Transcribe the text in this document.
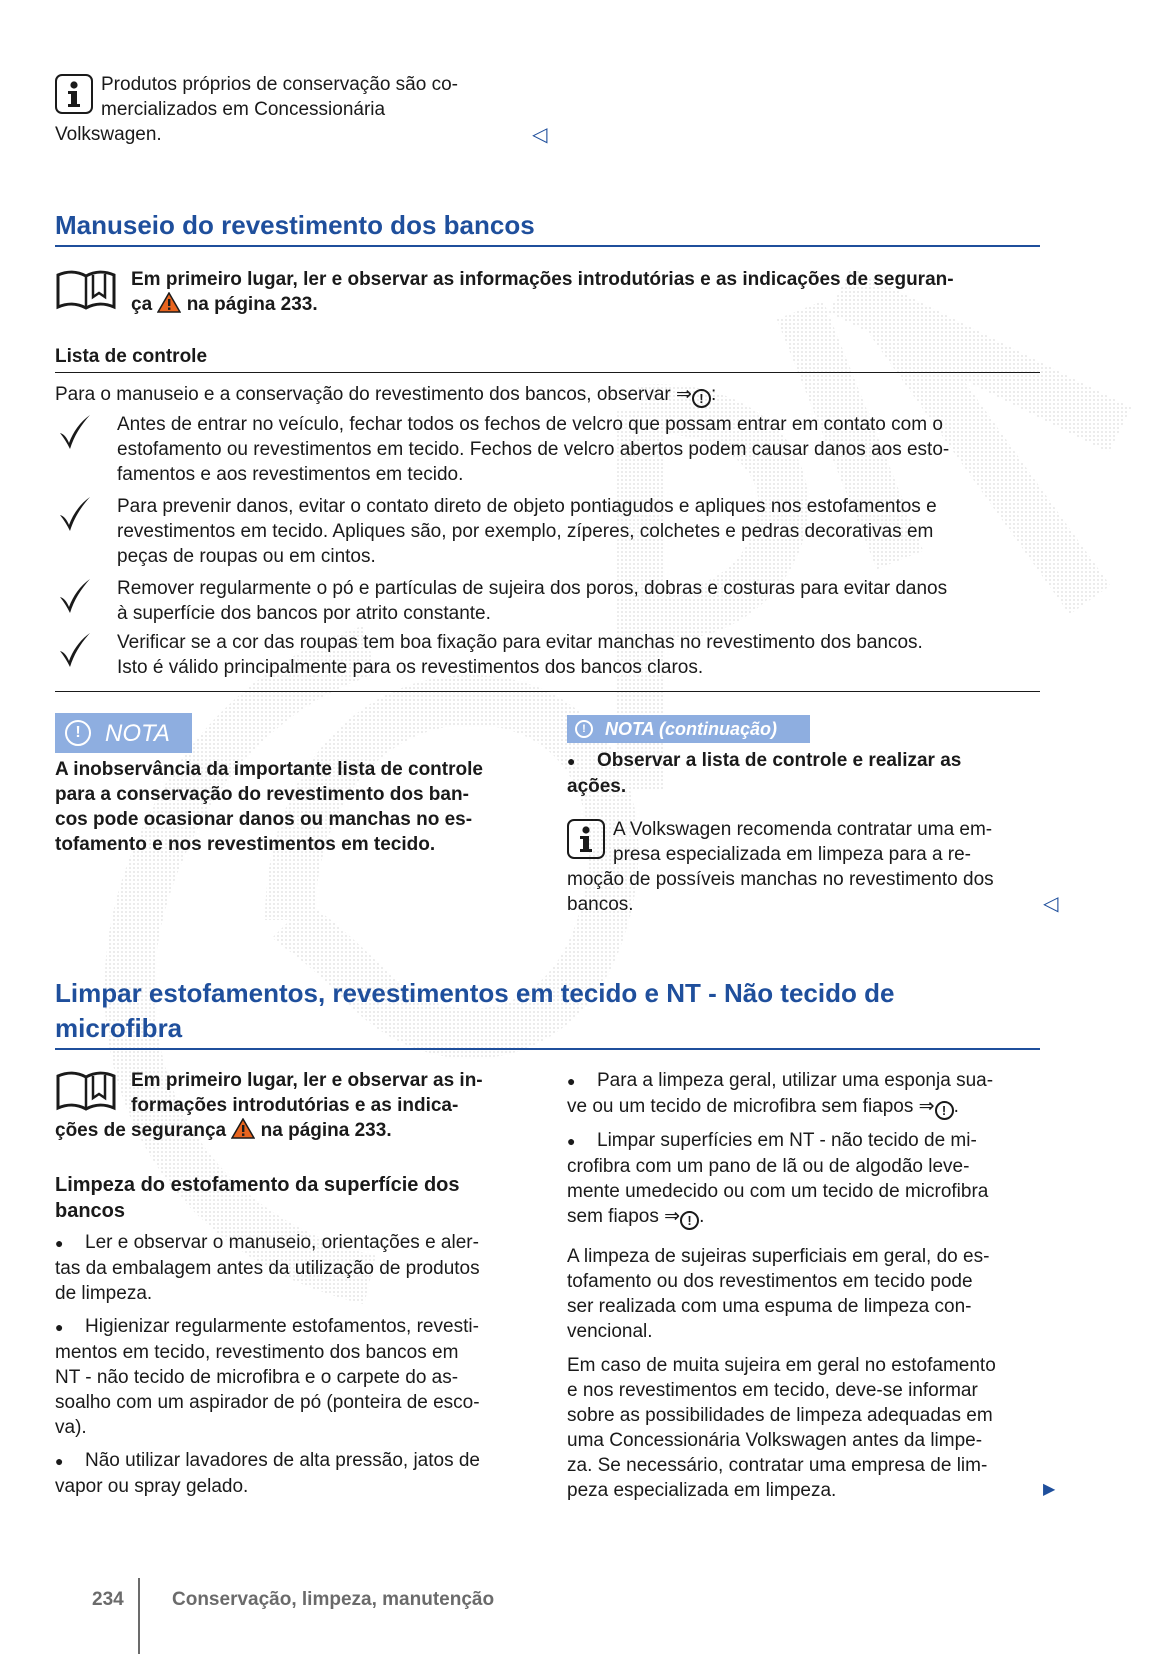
Produtos próprios de conservação são co-
mercializados em Concessionária
Volkswagen.	◁
Manuseio do revestimento dos bancos
Em primeiro lugar, ler e observar as informações introdutórias e as indicações de seguran-
ça na página 233.
Lista de controle
Para o manuseio e a conservação do revestimento dos bancos, observar ⇒ ! :
Antes de entrar no veículo, fechar todos os fechos de velcro que possam entrar em contato com o
estofamento ou revestimentos em tecido. Fechos de velcro abertos podem causar danos aos esto-
famentos e aos revestimentos em tecido.
Para prevenir danos, evitar o contato direto de objeto pontiagudos e apliques nos estofamentos e
revestimentos em tecido. Apliques são, por exemplo, zíperes, colchetes e pedras decorativas em
peças de roupas ou em cintos.
Remover regularmente o pó e partículas de sujeira dos poros, dobras e costuras para evitar danos
à superfície dos bancos por atrito constante.
Verificar se a cor das roupas tem boa fixação para evitar manchas no revestimento dos bancos.
Isto é válido principalmente para os revestimentos dos bancos claros.
!	NOTA
A inobservância da importante lista de controle
para a conservação do revestimento dos ban-
cos pode ocasionar danos ou manchas no es-
tofamento e nos revestimentos em tecido.
!	NOTA (continuação)
● Observar a lista de controle e realizar as
ações.
A Volkswagen recomenda contratar uma em-
presa especializada em limpeza para a re-
moção de possíveis manchas no revestimento dos
bancos.	◁
Limpar estofamentos, revestimentos em tecido e NT - Não tecido de
microfibra
Em primeiro lugar, ler e observar as in-
formações introdutórias e as indica-
ções de segurança na página 233.
Limpeza do estofamento da superfície dos
bancos
● Ler e observar o manuseio, orientações e aler-
tas da embalagem antes da utilização de produtos
de limpeza.
● Higienizar regularmente estofamentos, revesti-
mentos em tecido, revestimento dos bancos em
NT - não tecido de microfibra e o carpete do as-
soalho com um aspirador de pó (ponteira de esco-
va).
● Não utilizar lavadores de alta pressão, jatos de
vapor ou spray gelado.
● Para a limpeza geral, utilizar uma esponja sua-
ve ou um tecido de microfibra sem fiapos ⇒ ! .
● Limpar superfícies em NT - não tecido de mi-
crofibra com um pano de lã ou de algodão leve-
mente umedecido ou com um tecido de microfibra
sem fiapos ⇒ ! .
A limpeza de sujeiras superficiais em geral, do es-
tofamento ou dos revestimentos em tecido pode
ser realizada com uma espuma de limpeza con-
vencional.
Em caso de muita sujeira em geral no estofamento
e nos revestimentos em tecido, deve-se informar
sobre as possibilidades de limpeza adequadas em
uma Concessionária Volkswagen antes da limpe-
za. Se necessário, contratar uma empresa de lim-
peza especializada em limpeza.	▶
234	Conservação, limpeza, manutenção
